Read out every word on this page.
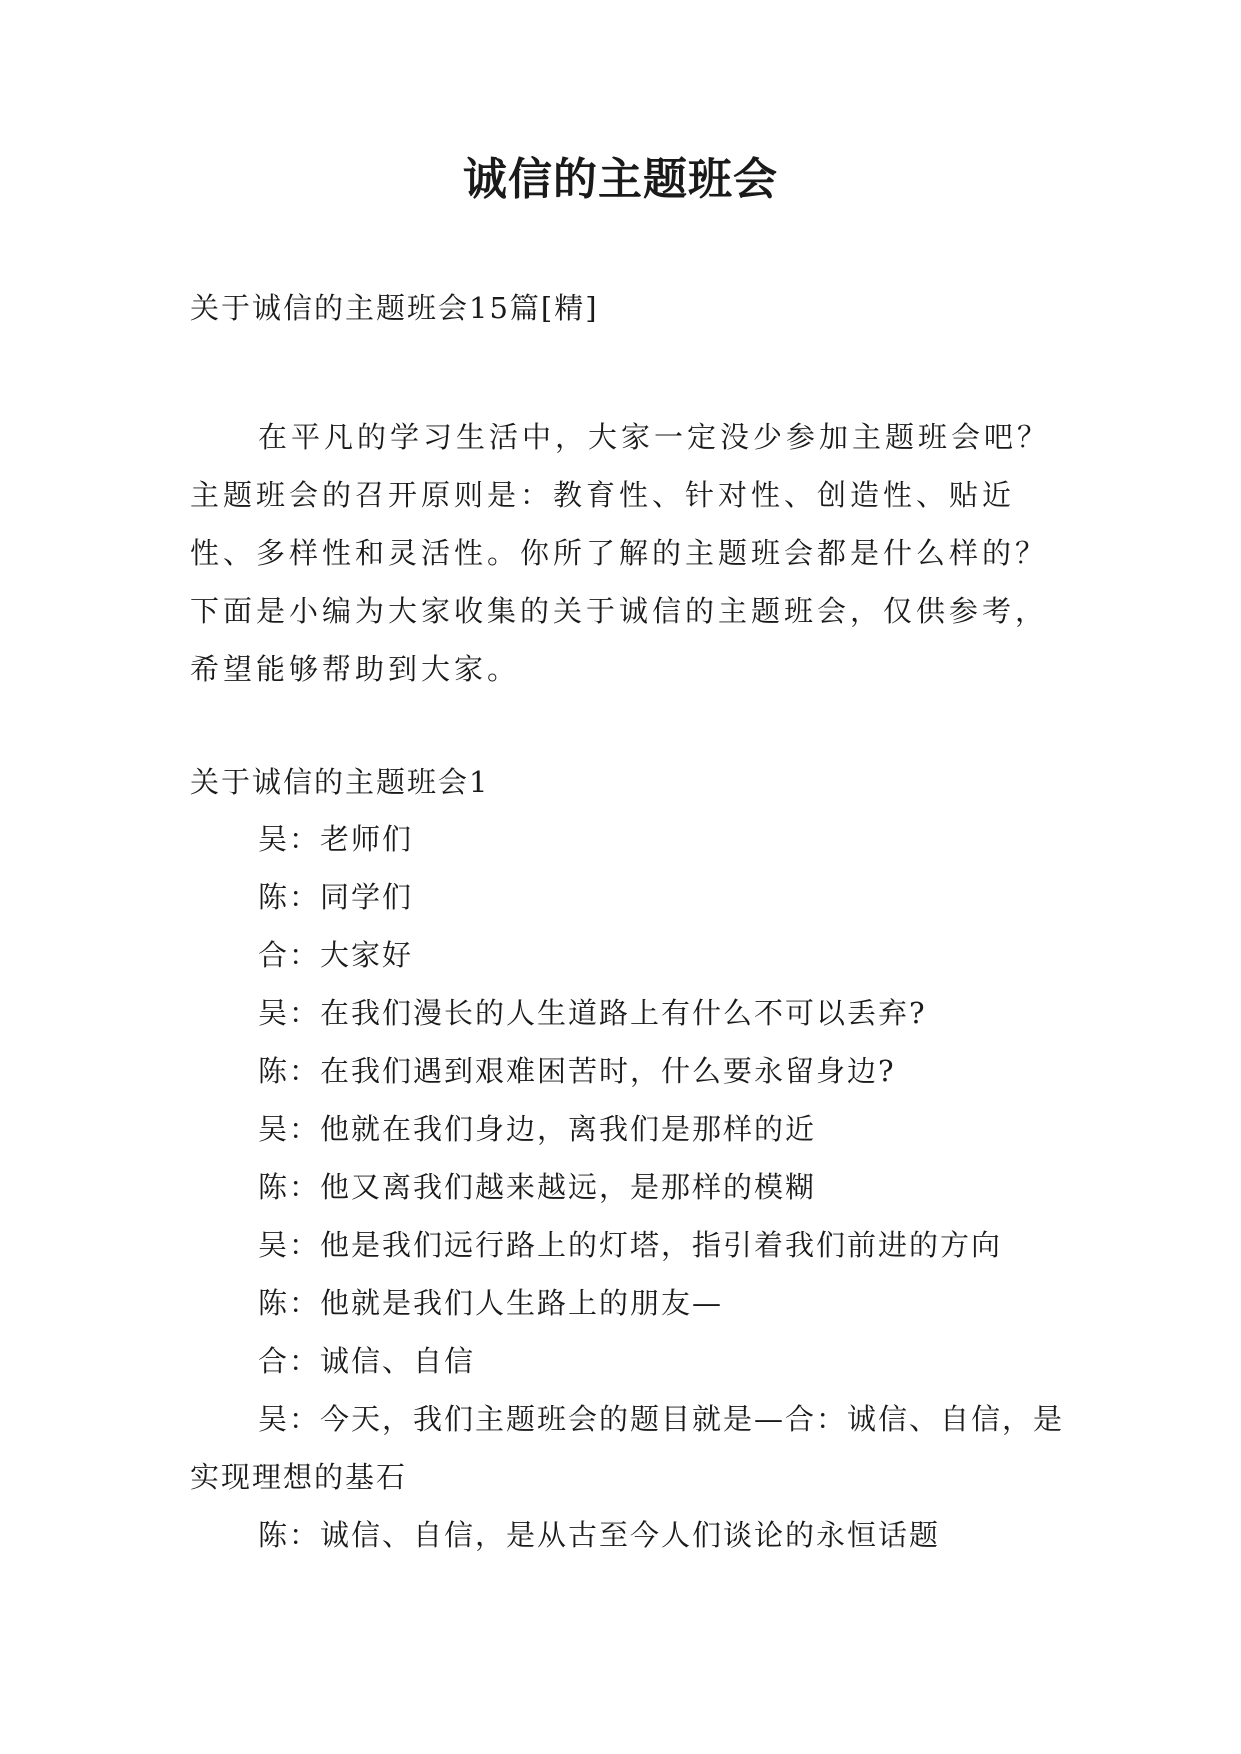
诚信的主题班会
关于诚信的主题班会15篇[精]

在平凡的学习生活中，大家一定没少参加主题班会吧？主题班会的召开原则是：教育性、针对性、创造性、贴近性、多样性和灵活性。你所了解的主题班会都是什么样的？下面是小编为大家收集的关于诚信的主题班会，仅供参考，希望能够帮助到大家。

关于诚信的主题班会1

吴：老师们

陈：同学们

合：大家好

吴：在我们漫长的人生道路上有什么不可以丢弃?

陈：在我们遇到艰难困苦时，什么要永留身边?

吴：他就在我们身边，离我们是那样的近

陈：他又离我们越来越远，是那样的模糊

吴：他是我们远行路上的灯塔，指引着我们前进的方向

陈：他就是我们人生路上的朋友—

合：诚信、自信

吴：今天，我们主题班会的题目就是—合：诚信、自信，是实现理想的基石

陈：诚信、自信，是从古至今人们谈论的永恒话题
